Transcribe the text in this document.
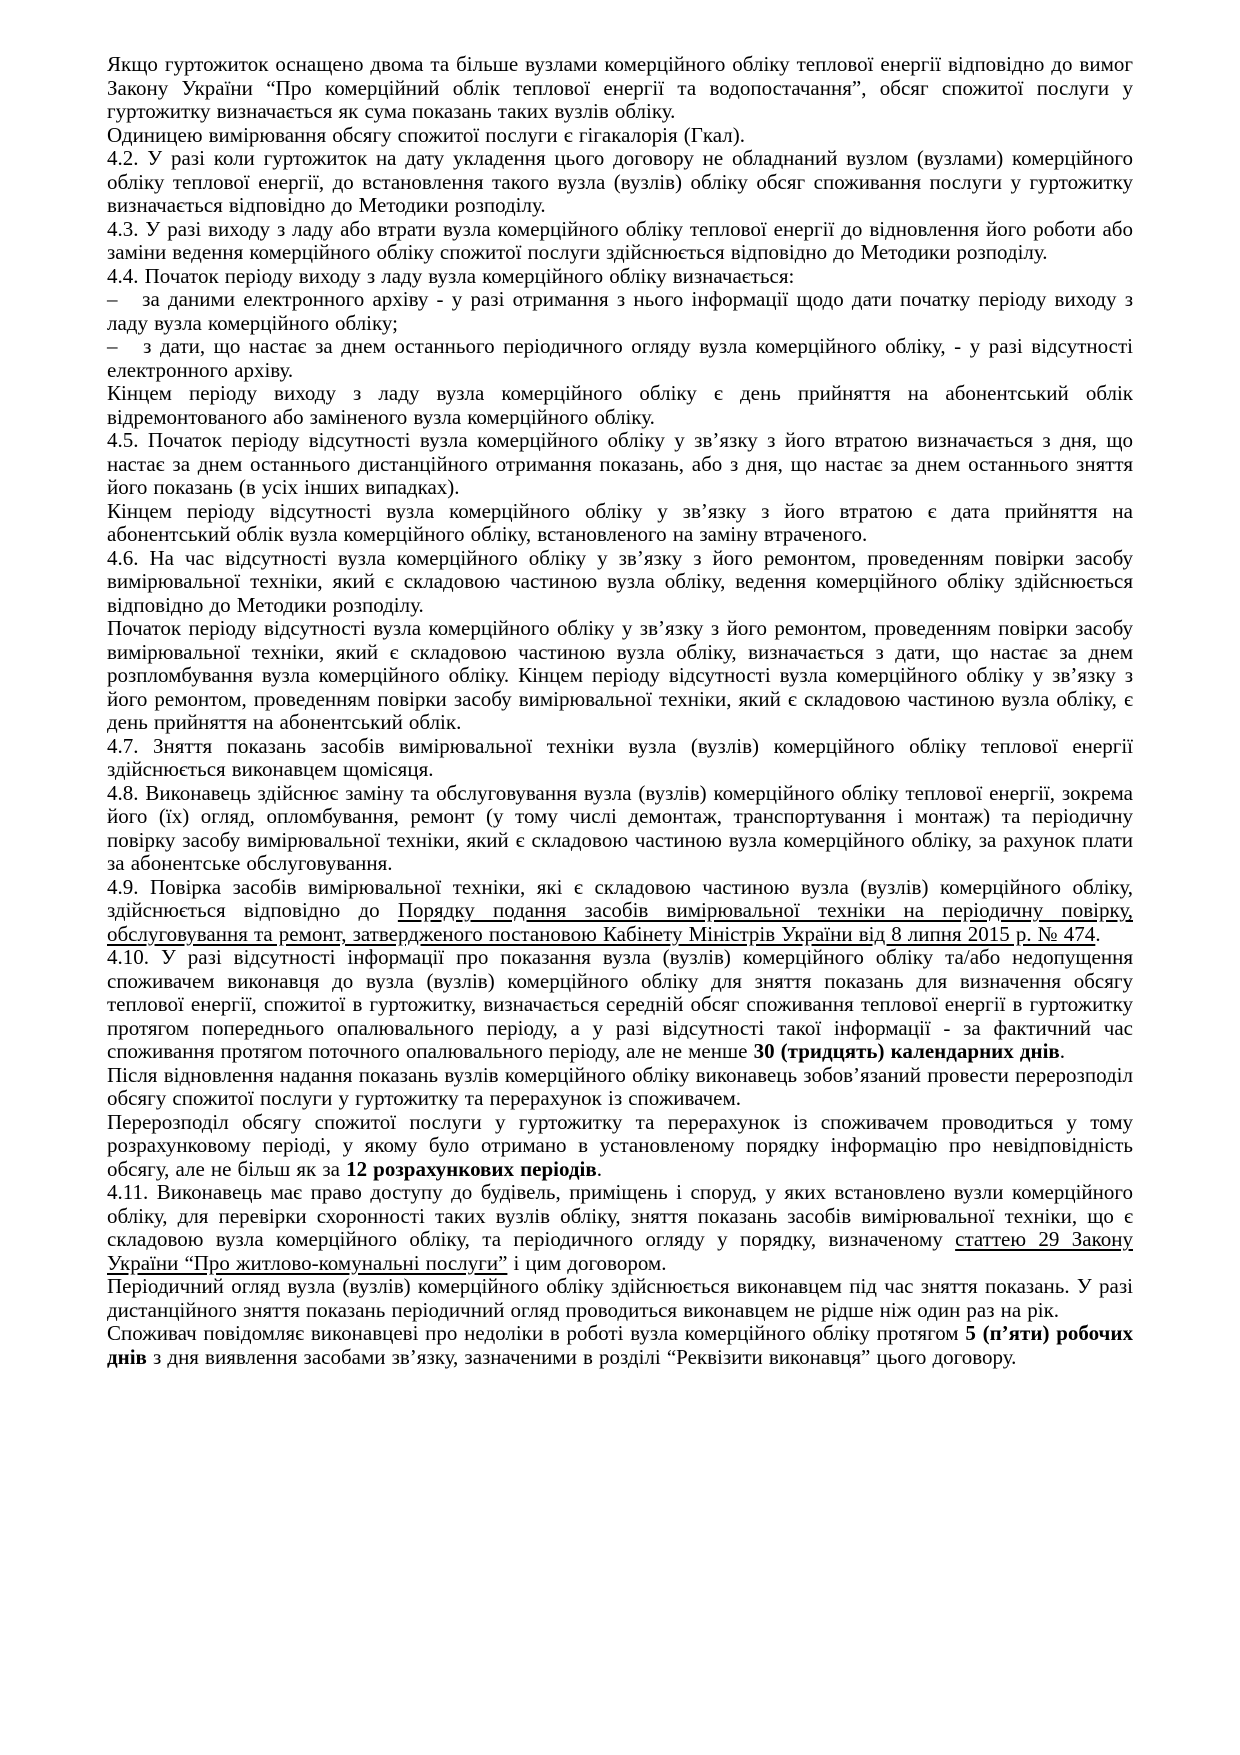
Якщо гуртожиток оснащено двома та більше вузлами комерційного обліку теплової енергії відповідно до вимог Закону України “Про комерційний облік теплової енергії та водопостачання”, обсяг спожитої послуги у гуртожитку визначається як сума показань таких вузлів обліку.

Одиницею вимірювання обсягу спожитої послуги є гігакалорія (Гкал).

4.2. У разі коли гуртожиток на дату укладення цього договору не обладнаний вузлом (вузлами) комерційного обліку теплової енергії, до встановлення такого вузла (вузлів) обліку обсяг споживання послуги у гуртожитку визначається відповідно до Методики розподілу.

4.3. У разі виходу з ладу або втрати вузла комерційного обліку теплової енергії до відновлення його роботи або заміни ведення комерційного обліку спожитої послуги здійснюється відповідно до Методики розподілу.

4.4. Початок періоду виходу з ладу вузла комерційного обліку визначається:

–   за даними електронного архіву - у разі отримання з нього інформації щодо дати початку періоду виходу з ладу вузла комерційного обліку;

–   з дати, що настає за днем останнього періодичного огляду вузла комерційного обліку, - у разі відсутності електронного архіву.

Кінцем періоду виходу з ладу вузла комерційного обліку є день прийняття на абонентський облік відремонтованого або заміненого вузла комерційного обліку.

4.5. Початок періоду відсутності вузла комерційного обліку у зв’язку з його втратою визначається з дня, що настає за днем останнього дистанційного отримання показань, або з дня, що настає за днем останнього зняття його показань (в усіх інших випадках).

Кінцем періоду відсутності вузла комерційного обліку у зв’язку з його втратою є дата прийняття на абонентський облік вузла комерційного обліку, встановленого на заміну втраченого.

4.6. На час відсутності вузла комерційного обліку у зв’язку з його ремонтом, проведенням повірки засобу вимірювальної техніки, який є складовою частиною вузла обліку, ведення комерційного обліку здійснюється відповідно до Методики розподілу.

Початок періоду відсутності вузла комерційного обліку у зв’язку з його ремонтом, проведенням повірки засобу вимірювальної техніки, який є складовою частиною вузла обліку, визначається з дати, що настає за днем розпломбування вузла комерційного обліку. Кінцем періоду відсутності вузла комерційного обліку у зв’язку з його ремонтом, проведенням повірки засобу вимірювальної техніки, який є складовою частиною вузла обліку, є день прийняття на абонентський облік.

4.7. Зняття показань засобів вимірювальної техніки вузла (вузлів) комерційного обліку теплової енергії здійснюється виконавцем щомісяця.

4.8. Виконавець здійснює заміну та обслуговування вузла (вузлів) комерційного обліку теплової енергії, зокрема його (їх) огляд, опломбування, ремонт (у тому числі демонтаж, транспортування і монтаж) та періодичну повірку засобу вимірювальної техніки, який є складовою частиною вузла комерційного обліку, за рахунок плати за абонентське обслуговування.

4.9. Повірка засобів вимірювальної техніки, які є складовою частиною вузла (вузлів) комерційного обліку, здійснюється відповідно до Порядку подання засобів вимірювальної техніки на періодичну повірку, обслуговування та ремонт, затвердженого постановою Кабінету Міністрів України від 8 липня 2015 р. № 474.

4.10. У разі відсутності інформації про показання вузла (вузлів) комерційного обліку та/або недопущення споживачем виконавця до вузла (вузлів) комерційного обліку для зняття показань для визначення обсягу теплової енергії, спожитої в гуртожитку, визначається середній обсяг споживання теплової енергії в гуртожитку протягом попереднього опалювального періоду, а у разі відсутності такої інформації - за фактичний час споживання протягом поточного опалювального періоду, але не менше 30 (тридцять) календарних днів.

Після відновлення надання показань вузлів комерційного обліку виконавець зобов’язаний провести перерозподіл обсягу спожитої послуги у гуртожитку та перерахунок із споживачем.

Перерозподіл обсягу спожитої послуги у гуртожитку та перерахунок із споживачем проводиться у тому розрахунковому періоді, у якому було отримано в установленому порядку інформацію про невідповідність обсягу, але не більш як за 12 розрахункових періодів.

4.11. Виконавець має право доступу до будівель, приміщень і споруд, у яких встановлено вузли комерційного обліку, для перевірки схоронності таких вузлів обліку, зняття показань засобів вимірювальної техніки, що є складовою вузла комерційного обліку, та періодичного огляду у порядку, визначеному статтею 29 Закону України “Про житлово-комунальні послуги” і цим договором.

Періодичний огляд вузла (вузлів) комерційного обліку здійснюється виконавцем під час зняття показань. У разі дистанційного зняття показань періодичний огляд проводиться виконавцем не рідше ніж один раз на рік.

Споживач повідомляє виконавцеві про недоліки в роботі вузла комерційного обліку протягом 5 (п’яти) робочих днів з дня виявлення засобами зв’язку, зазначеними в розділі “Реквізити виконавця” цього договору.
